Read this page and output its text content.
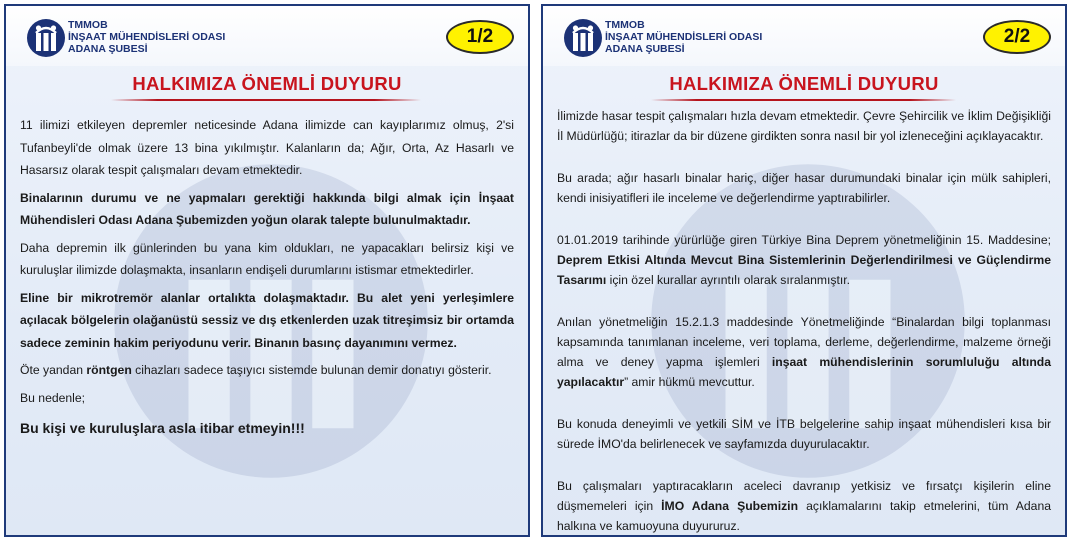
TMMOB
İNŞAAT MÜHENDİSLERİ ODASI
ADANA ŞUBESİ
1/2
HALKIMIZA ÖNEMLİ DUYURU

11 ilimizi etkileyen depremler neticesinde Adana ilimizde can kayıplarımız olmuş, 2'si Tufanbeyli'de olmak üzere 13 bina yıkılmıştır. Kalanların da; Ağır, Orta, Az Hasarlı ve Hasarsız olarak tespit çalışmaları devam etmektedir.

Binalarının durumu ve ne yapmaları gerektiği hakkında bilgi almak için İnşaat Mühendisleri Odası Adana Şubemizden yoğun olarak talepte bulunulmaktadır.

Daha depremin ilk günlerinden bu yana kim oldukları, ne yapacakları belirsiz kişi ve kuruluşlar ilimizde dolaşmakta, insanların endişeli durumlarını istismar etmektedirler.

Eline bir mikrotremör alanlar ortalıkta dolaşmaktadır. Bu alet yeni yerleşimlere açılacak bölgelerin olağanüstü sessiz ve dış etkenlerden uzak titreşimsiz bir ortamda sadece zeminin hakim periyodunu verir. Binanın basınç dayanımını vermez.

Öte yandan röntgen cihazları sadece taşıyıcı sistemde bulunan demir donatıyı gösterir.

Bu nedenle;

Bu kişi ve kuruluşlara asla itibar etmeyin!!!

TMMOB
İNŞAAT MÜHENDİSLERİ ODASI
ADANA ŞUBESİ
2/2
HALKIMIZA ÖNEMLİ DUYURU

İlimizde hasar tespit çalışmaları hızla devam etmektedir. Çevre Şehircilik ve İklim Değişikliği İl Müdürlüğü; itirazlar da bir düzene girdikten sonra nasıl bir yol izleneceğini açıklayacaktır.

Bu arada; ağır hasarlı binalar hariç, diğer hasar durumundaki binalar için mülk sahipleri, kendi inisiyatifleri ile inceleme ve değerlendirme yaptırabilirler.

01.01.2019 tarihinde yürürlüğe giren Türkiye Bina Deprem yönetmeliğinin 15. Maddesine; Deprem Etkisi Altında Mevcut Bina Sistemlerinin Değerlendirilmesi ve Güçlendirme Tasarımı için özel kurallar ayrıntılı olarak sıralanmıştır.

Anılan yönetmeliğin 15.2.1.3 maddesinde Yönetmeliğinde “Binalardan bilgi toplanması kapsamında tanımlanan inceleme, veri toplama, derleme, değerlendirme, malzeme örneği alma ve deney yapma işlemleri inşaat mühendislerinin sorumluluğu altında yapılacaktır” amir hükmü mevcuttur.

Bu konuda deneyimli ve yetkili SİM ve İTB belgelerine sahip inşaat mühendisleri kısa bir sürede İMO'da belirlenecek ve sayfamızda duyurulacaktır.

Bu çalışmaları yaptıracakların aceleci davranıp yetkisiz ve fırsatçı kişilerin eline düşmemeleri için İMO Adana Şubemizin açıklamalarını takip etmelerini, tüm Adana halkına ve kamuoyuna duyururuz.
